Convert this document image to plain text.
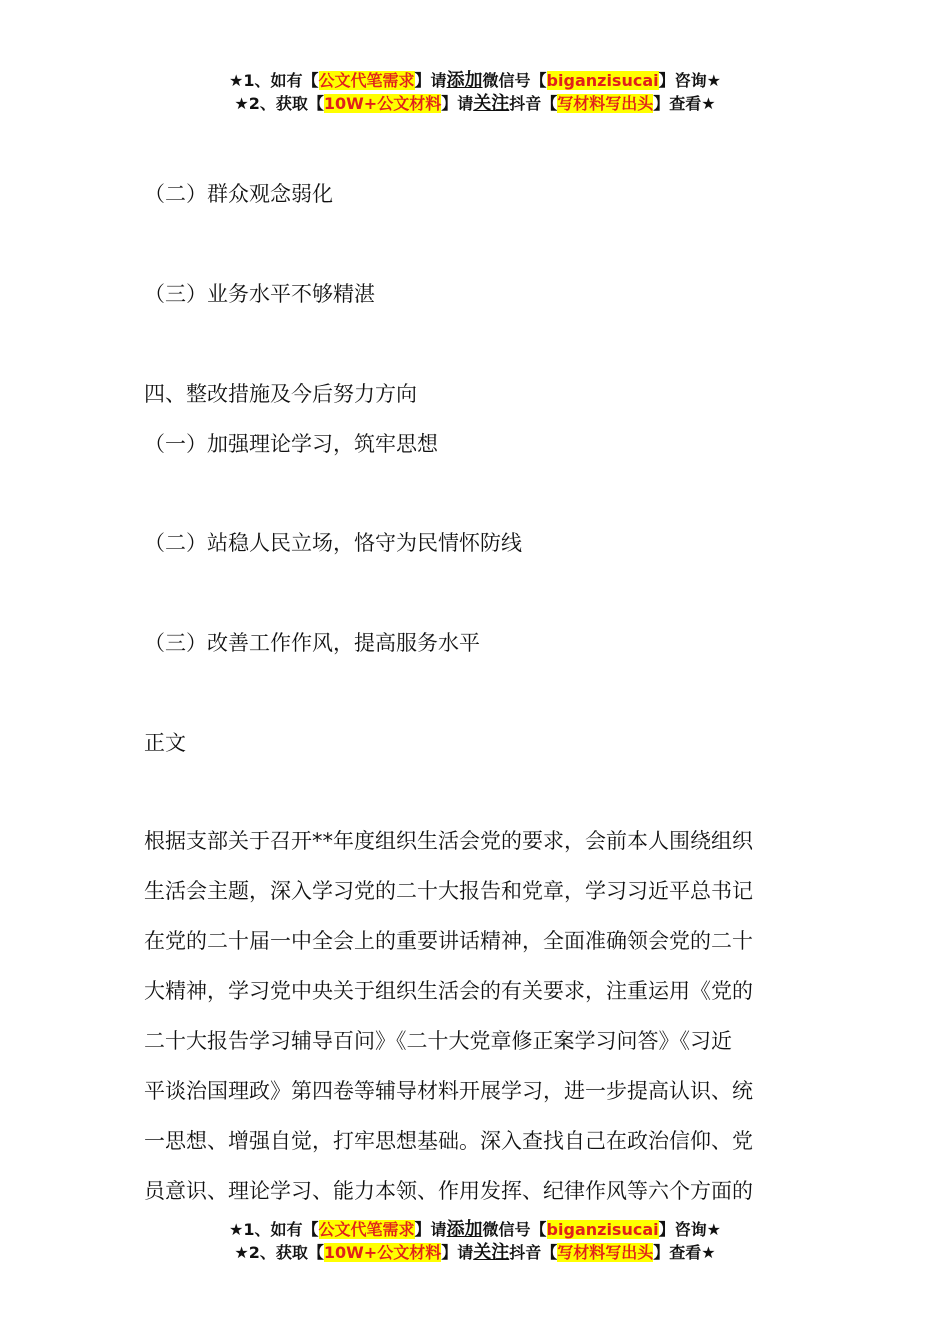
★1、如有【公文代笔需求】请添加微信号【biganzisucai】咨询★
★2、获取【10W+公文材料】请关注抖音【写材料写出头】查看★
（二）群众观念弱化
（三）业务水平不够精湛
四、整改措施及今后努力方向
（一）加强理论学习，筑牢思想
（二）站稳人民立场，恪守为民情怀防线
（三）改善工作作风，提高服务水平
正文
根据支部关于召开**年度组织生活会党的要求，会前本人围绕组织
生活会主题，深入学习党的二十大报告和党章，学习习近平总书记
在党的二十届一中全会上的重要讲话精神，全面准确领会党的二十
大精神，学习党中央关于组织生活会的有关要求，注重运用《党的
二十大报告学习辅导百问》《二十大党章修正案学习问答》《习近
平谈治国理政》第四卷等辅导材料开展学习，进一步提高认识、统
一思想、增强自觉，打牢思想基础。深入查找自己在政治信仰、党
员意识、理论学习、能力本领、作用发挥、纪律作风等六个方面的
★1、如有【公文代笔需求】请添加微信号【biganzisucai】咨询★
★2、获取【10W+公文材料】请关注抖音【写材料写出头】查看★
